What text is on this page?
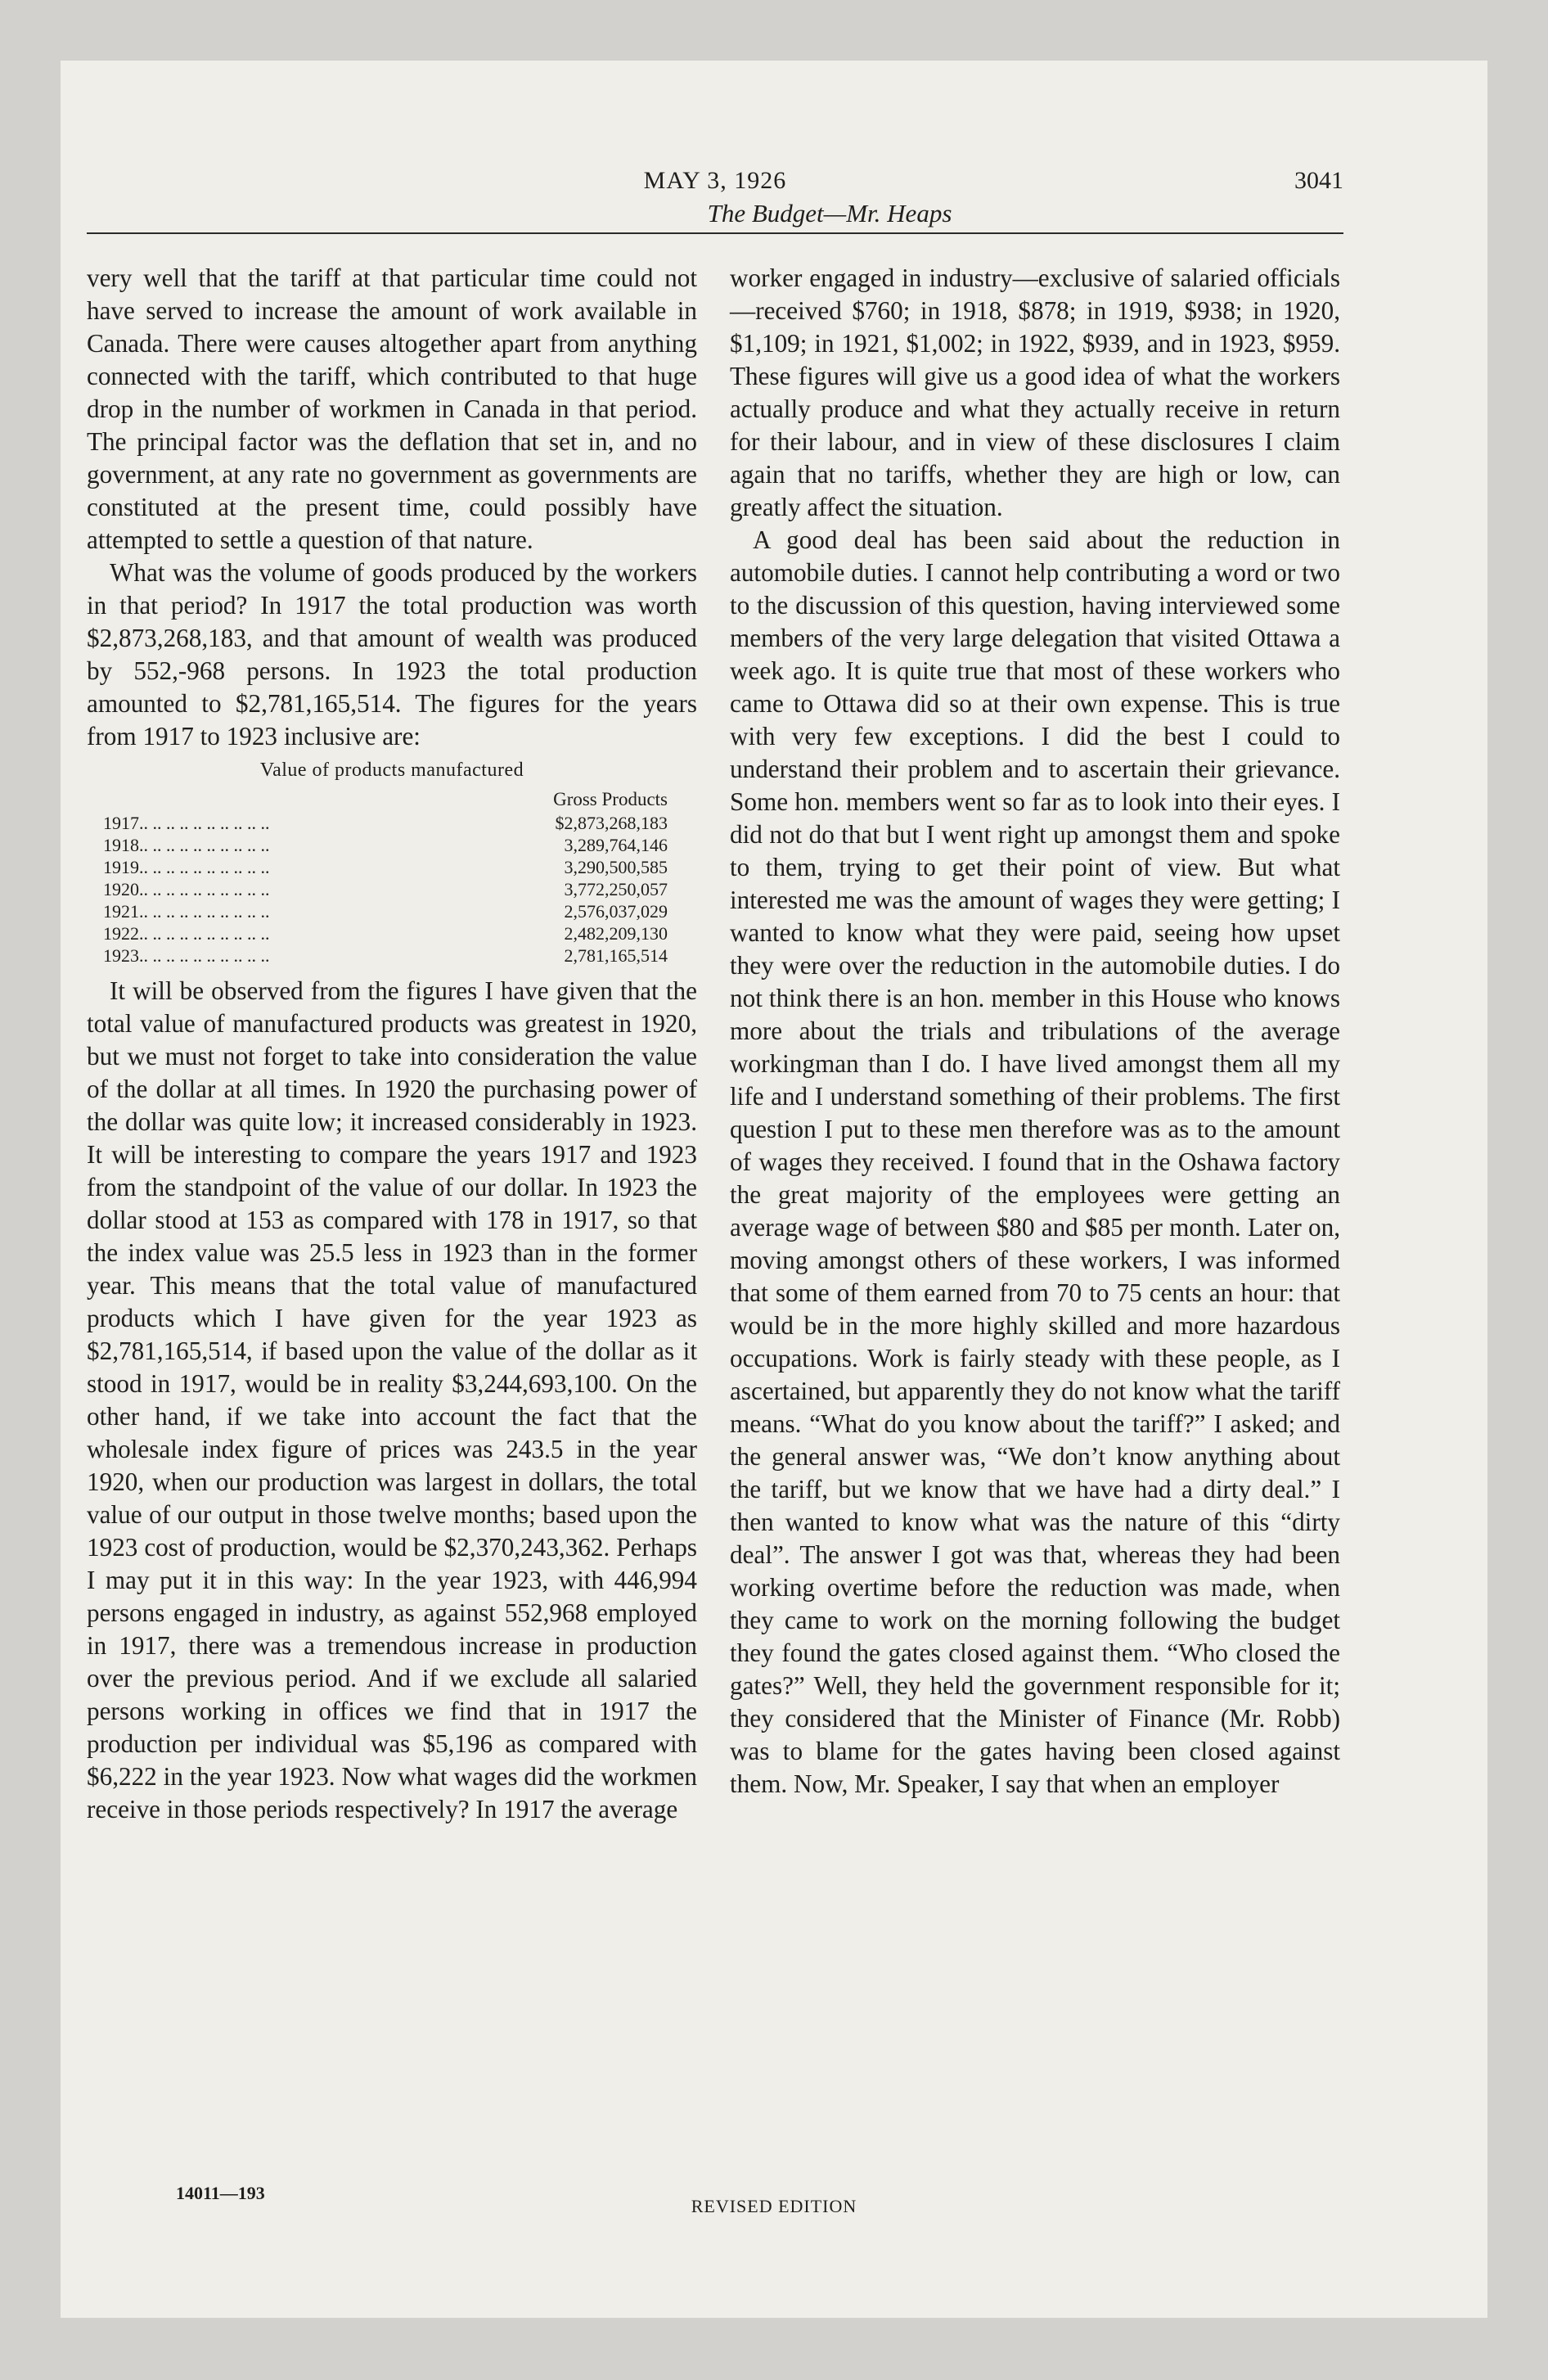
MAY 3, 1926	3041
The Budget—Mr. Heaps

very well that the tariff at that particular time could not have served to increase the amount of work available in Canada. There were causes altogether apart from anything connected with the tariff, which contributed to that huge drop in the number of workmen in Canada in that period. The principal factor was the deflation that set in, and no government, at any rate no government as governments are constituted at the present time, could possibly have attempted to settle a question of that nature.

What was the volume of goods produced by the workers in that period? In 1917 the total production was worth $2,873,268,183, and that amount of wealth was produced by 552,-968 persons. In 1923 the total production amounted to $2,781,165,514. The figures for the years from 1917 to 1923 inclusive are:

Value of products manufactured
	Gross Products
1917.. .. .. .. .. .. .. .. .. ..	$2,873,268,183
1918.. .. .. .. .. .. .. .. .. ..	3,289,764,146
1919.. .. .. .. .. .. .. .. .. ..	3,290,500,585
1920.. .. .. .. .. .. .. .. .. ..	3,772,250,057
1921.. .. .. .. .. .. .. .. .. ..	2,576,037,029
1922.. .. .. .. .. .. .. .. .. ..	2,482,209,130
1923.. .. .. .. .. .. .. .. .. ..	2,781,165,514

It will be observed from the figures I have given that the total value of manufactured products was greatest in 1920, but we must not forget to take into consideration the value of the dollar at all times. In 1920 the purchasing power of the dollar was quite low; it increased considerably in 1923. It will be interesting to compare the years 1917 and 1923 from the standpoint of the value of our dollar. In 1923 the dollar stood at 153 as compared with 178 in 1917, so that the index value was 25.5 less in 1923 than in the former year. This means that the total value of manufactured products which I have given for the year 1923 as $2,781,165,514, if based upon the value of the dollar as it stood in 1917, would be in reality $3,244,693,100. On the other hand, if we take into account the fact that the wholesale index figure of prices was 243.5 in the year 1920, when our production was largest in dollars, the total value of our output in those twelve months; based upon the 1923 cost of production, would be $2,370,243,362. Perhaps I may put it in this way: In the year 1923, with 446,994 persons engaged in industry, as against 552,968 employed in 1917, there was a tremendous increase in production over the previous period. And if we exclude all salaried persons working in offices we find that in 1917 the production per individual was $5,196 as compared with $6,222 in the year 1923. Now what wages did the workmen receive in those periods respectively? In 1917 the average

worker engaged in industry—exclusive of salaried officials—received $760; in 1918, $878; in 1919, $938; in 1920, $1,109; in 1921, $1,002; in 1922, $939, and in 1923, $959. These figures will give us a good idea of what the workers actually produce and what they actually receive in return for their labour, and in view of these disclosures I claim again that no tariffs, whether they are high or low, can greatly affect the situation.

A good deal has been said about the reduction in automobile duties. I cannot help contributing a word or two to the discussion of this question, having interviewed some members of the very large delegation that visited Ottawa a week ago. It is quite true that most of these workers who came to Ottawa did so at their own expense. This is true with very few exceptions. I did the best I could to understand their problem and to ascertain their grievance. Some hon. members went so far as to look into their eyes. I did not do that but I went right up amongst them and spoke to them, trying to get their point of view. But what interested me was the amount of wages they were getting; I wanted to know what they were paid, seeing how upset they were over the reduction in the automobile duties. I do not think there is an hon. member in this House who knows more about the trials and tribulations of the average workingman than I do. I have lived amongst them all my life and I understand something of their problems. The first question I put to these men therefore was as to the amount of wages they received. I found that in the Oshawa factory the great majority of the employees were getting an average wage of between $80 and $85 per month. Later on, moving amongst others of these workers, I was informed that some of them earned from 70 to 75 cents an hour: that would be in the more highly skilled and more hazardous occupations. Work is fairly steady with these people, as I ascertained, but apparently they do not know what the tariff means. “What do you know about the tariff?” I asked; and the general answer was, “We don’t know anything about the tariff, but we know that we have had a dirty deal.” I then wanted to know what was the nature of this “dirty deal”. The answer I got was that, whereas they had been working overtime before the reduction was made, when they came to work on the morning following the budget they found the gates closed against them. “Who closed the gates?” Well, they held the government responsible for it; they considered that the Minister of Finance (Mr. Robb) was to blame for the gates having been closed against them. Now, Mr. Speaker, I say that when an employer

14011—193
REVISED EDITION
